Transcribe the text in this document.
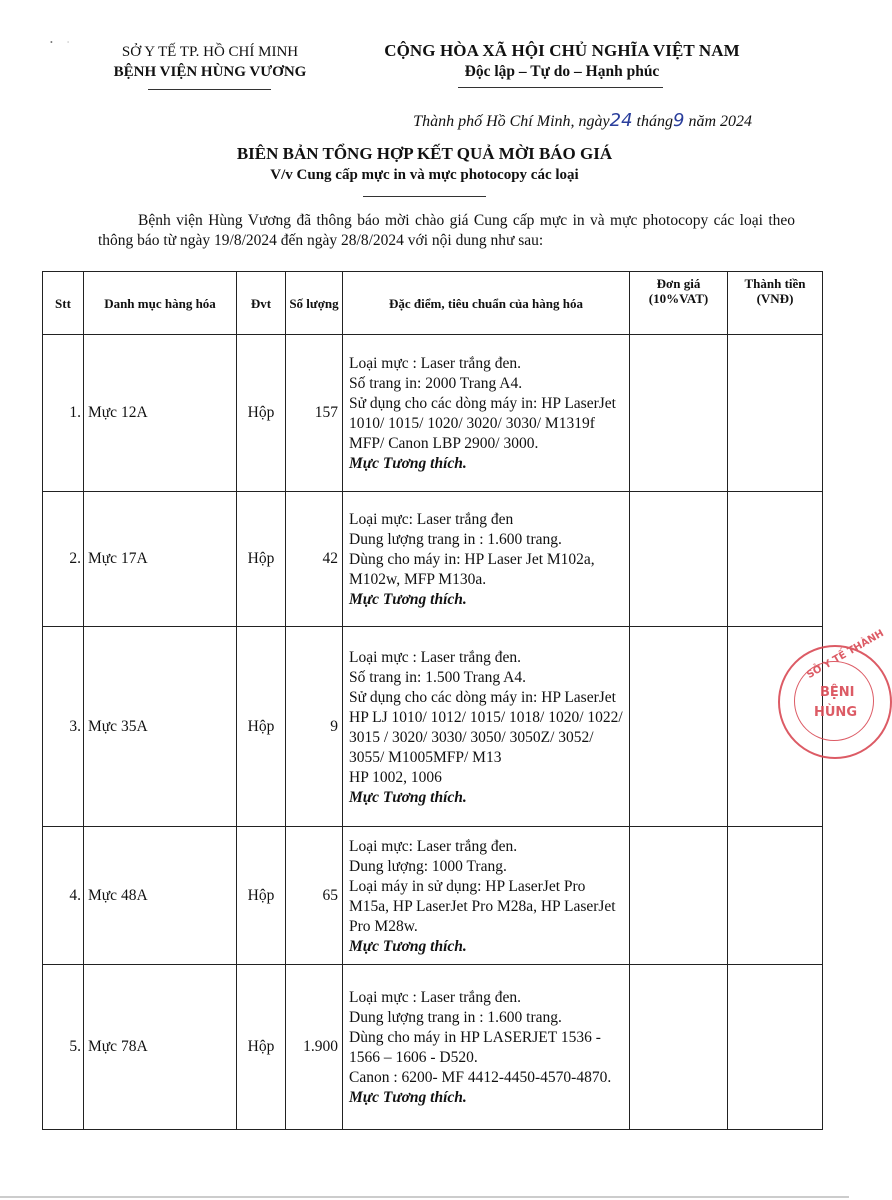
• ·
SỞ Y TẾ TP. HỒ CHÍ MINH
BỆNH VIỆN HÙNG VƯƠNG
CỘNG HÒA XÃ HỘI CHỦ NGHĨA VIỆT NAM
Độc lập – Tự do – Hạnh phúc
Thành phố Hồ Chí Minh, ngày24 tháng9 năm 2024
BIÊN BẢN TỔNG HỢP KẾT QUẢ MỜI BÁO GIÁ
V/v Cung cấp mực in và mực photocopy các loại

Bệnh viện Hùng Vương đã thông báo mời chào giá Cung cấp mực in và mực photocopy các loại theo thông báo từ ngày 19/8/2024 đến ngày 28/8/2024 với nội dung như sau:

Stt	Danh mục hàng hóa	Đvt	Số lượng	Đặc điểm, tiêu chuẩn của hàng hóa	Đơn giá (10%VAT)	Thành tiền (VNĐ)
1.	Mực 12A	Hộp	157	Loại mực : Laser trắng đen.
Số trang in: 2000 Trang A4.
Sử dụng cho các dòng máy in: HP LaserJet 1010/ 1015/ 1020/ 3020/ 3030/ M1319f MFP/ Canon LBP 2900/ 3000.
Mực Tương thích.		

2.	Mực 17A	Hộp	42	Loại mực: Laser trắng đen
Dung lượng trang in : 1.600 trang.
Dùng cho máy in: HP Laser Jet M102a,
M102w, MFP M130a.
Mực Tương thích.		

3.	Mực 35A	Hộp	9	Loại mực : Laser trắng đen.
Số trang in: 1.500 Trang A4.
Sử dụng cho các dòng máy in: HP LaserJet HP LJ 1010/ 1012/ 1015/ 1018/ 1020/ 1022/ 3015 / 3020/ 3030/ 3050/ 3050Z/ 3052/ 3055/ M1005MFP/ M13
HP 1002, 1006
Mực Tương thích.		

4.	Mực 48A	Hộp	65	Loại mực: Laser trắng đen.
Dung lượng: 1000 Trang.
Loại máy in sử dụng: HP LaserJet Pro M15a, HP LaserJet Pro M28a, HP LaserJet Pro M28w.
Mực Tương thích.		

5.	Mực 78A	Hộp	1.900	Loại mực : Laser trắng đen.
Dung lượng trang in : 1.600 trang.
Dùng cho máy in HP LASERJET 1536 - 1566 – 1606 - D520.
Canon : 6200- MF 4412-4450-4570-4870.
Mực Tương thích.		

SỞ Y TẾ THÀNH
BỆNI
HÙNG
